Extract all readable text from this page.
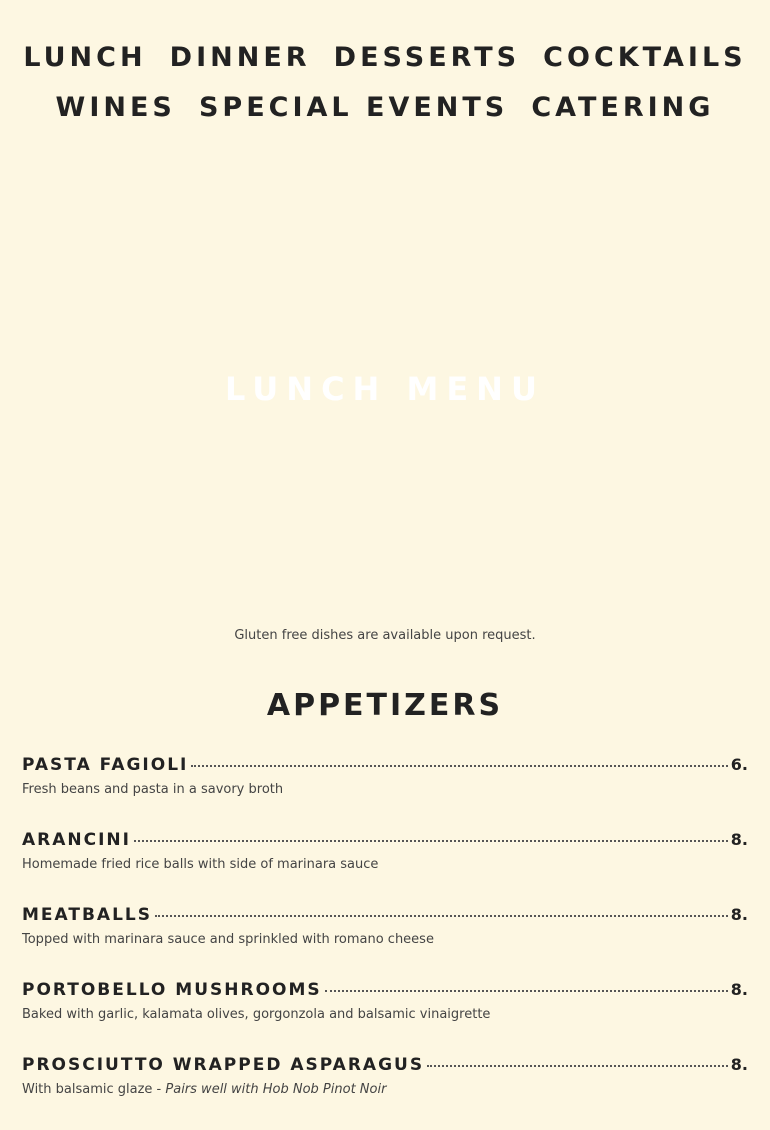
LUNCH DINNER DESSERTS COCKTAILS
WINES SPECIAL EVENTS CATERING
LUNCH MENU
Gluten free dishes are available upon request.
APPETIZERS
PASTA FAGIOLI	6.
Fresh beans and pasta in a savory broth
ARANCINI	8.
Homemade fried rice balls with side of marinara sauce
MEATBALLS	8.
Topped with marinara sauce and sprinkled with romano cheese
PORTOBELLO MUSHROOMS	8.
Baked with garlic, kalamata olives, gorgonzola and balsamic vinaigrette
PROSCIUTTO WRAPPED ASPARAGUS	8.
With balsamic glaze - Pairs well with Hob Nob Pinot Noir
